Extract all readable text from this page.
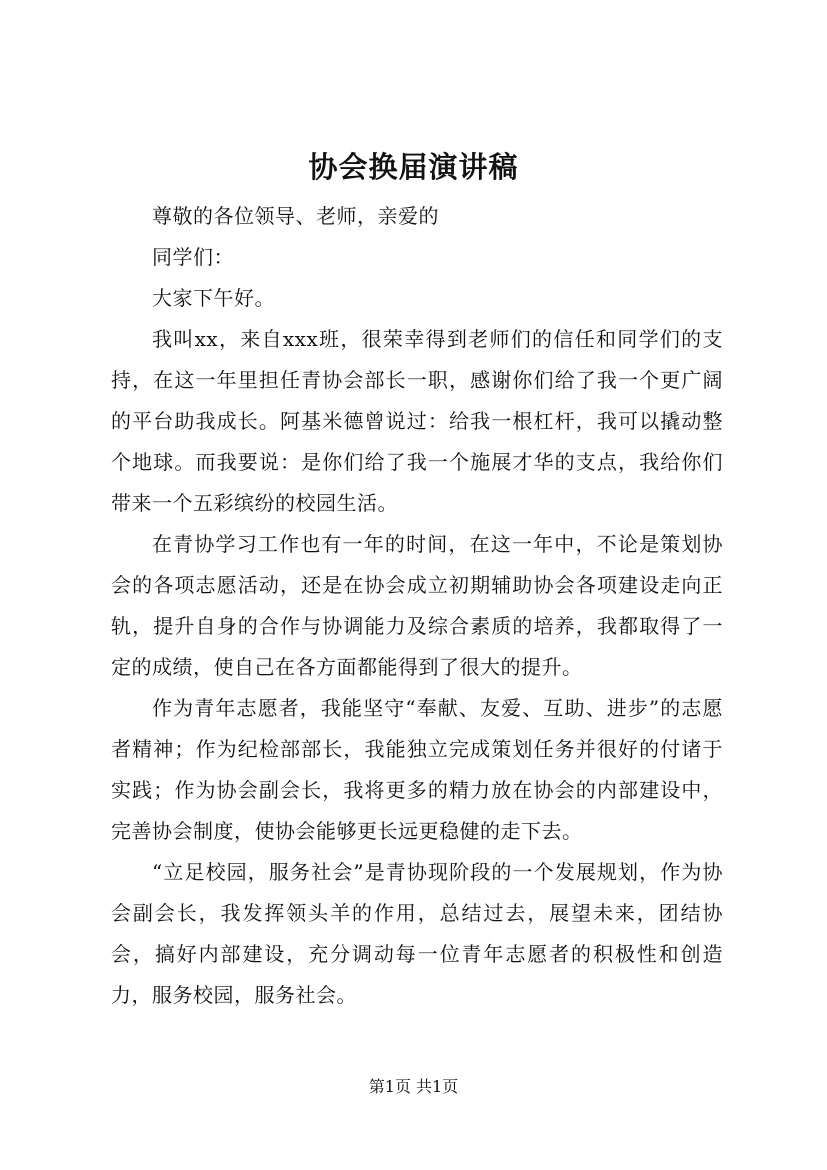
协会换届演讲稿

尊敬的各位领导、老师，亲爱的

同学们：

大家下午好。

我叫xx，来自xxx班，很荣幸得到老师们的信任和同学们的支持，在这一年里担任青协会部长一职，感谢你们给了我一个更广阔的平台助我成长。阿基米德曾说过：给我一根杠杆，我可以撬动整个地球。而我要说：是你们给了我一个施展才华的支点，我给你们带来一个五彩缤纷的校园生活。

在青协学习工作也有一年的时间，在这一年中，不论是策划协会的各项志愿活动，还是在协会成立初期辅助协会各项建设走向正轨，提升自身的合作与协调能力及综合素质的培养，我都取得了一定的成绩，使自己在各方面都能得到了很大的提升。

作为青年志愿者，我能坚守“奉献、友爱、互助、进步”的志愿者精神；作为纪检部部长，我能独立完成策划任务并很好的付诸于实践；作为协会副会长，我将更多的精力放在协会的内部建设中，完善协会制度，使协会能够更长远更稳健的走下去。

“立足校园，服务社会”是青协现阶段的一个发展规划，作为协会副会长，我发挥领头羊的作用，总结过去，展望未来，团结协会，搞好内部建设，充分调动每一位青年志愿者的积极性和创造力，服务校园，服务社会。

第1页 共1页
